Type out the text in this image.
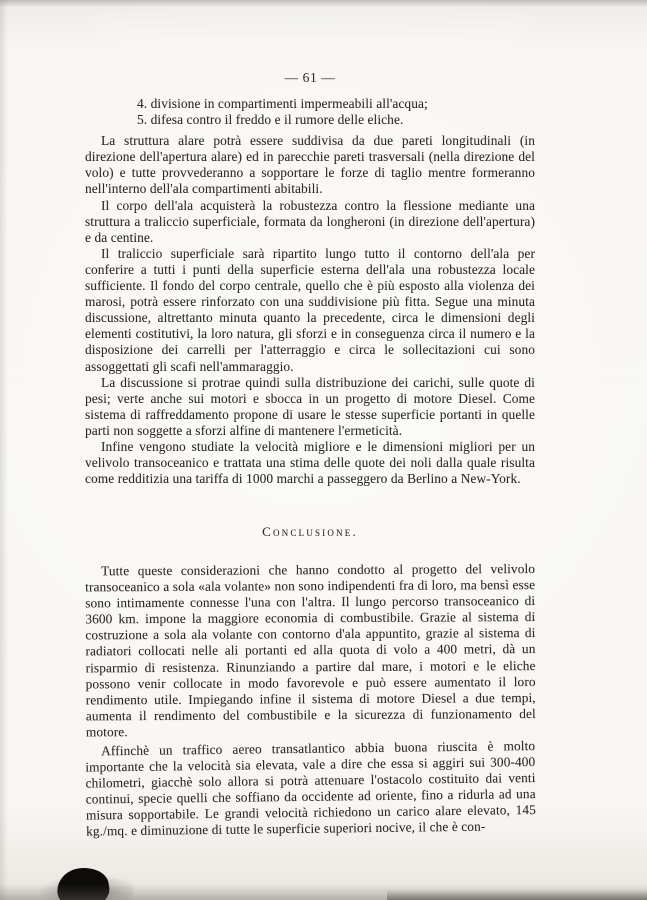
— 61 —

4. divisione in compartimenti impermeabili all'acqua;

5. difesa contro il freddo e il rumore delle eliche.

La struttura alare potrà essere suddivisa da due pareti longitudinali (in direzione dell'apertura alare) ed in parecchie pareti trasversali (nella direzione del volo) e tutte provvederanno a sopportare le forze di taglio mentre formeranno nell'interno dell'ala compartimenti abitabili.

Il corpo dell'ala acquisterà la robustezza contro la flessione mediante una struttura a traliccio superficiale, formata da longheroni (in direzione dell'apertura) e da centine.

Il traliccio superficiale sarà ripartito lungo tutto il contorno dell'ala per conferire a tutti i punti della superficie esterna dell'ala una robustezza locale sufficiente. Il fondo del corpo centrale, quello che è più esposto alla violenza dei marosi, potrà essere rinforzato con una suddivisione più fitta. Segue una minuta discussione, altrettanto minuta quanto la precedente, circa le dimensioni degli elementi costitutivi, la loro natura, gli sforzi e in conseguenza circa il numero e la disposizione dei carrelli per l'atterraggio e circa le sollecitazioni cui sono assoggettati gli scafi nell'ammaraggio.

La discussione si protrae quindi sulla distribuzione dei carichi, sulle quote di pesi; verte anche sui motori e sbocca in un progetto di motore Diesel. Come sistema di raffreddamento propone di usare le stesse superficie portanti in quelle parti non soggette a sforzi alfine di mantenere l'ermeticità.

Infine vengono studiate la velocità migliore e le dimensioni migliori per un velivolo transoceanico e trattata una stima delle quote dei noli dalla quale risulta come redditizia una tariffa di 1000 marchi a passeggero da Berlino a New-York.

Conclusione.

Tutte queste considerazioni che hanno condotto al progetto del velivolo transoceanico a sola «ala volante» non sono indipendenti fra di loro, ma bensì esse sono intimamente connesse l'una con l'altra. Il lungo percorso transoceanico di 3600 km. impone la maggiore economia di combustibile. Grazie al sistema di costruzione a sola ala volante con contorno d'ala appuntito, grazie al sistema di radiatori collocati nelle ali portanti ed alla quota di volo a 400 metri, dà un risparmio di resistenza. Rinunziando a partire dal mare, i motori e le eliche possono venir collocate in modo favorevole e può essere aumentato il loro rendimento utile. Impiegando infine il sistema di motore Diesel a due tempi, aumenta il rendimento del combustibile e la sicurezza di funzionamento del motore.

Affinchè un traffico aereo transatlantico abbia buona riuscita è molto importante che la velocità sia elevata, vale a dire che essa si aggiri sui 300-400 chilometri, giacchè solo allora si potrà attenuare l'ostacolo costituito dai venti continui, specie quelli che soffiano da occidente ad oriente, fino a ridurla ad una misura sopportabile. Le grandi velocità richiedono un carico alare elevato, 145 kg./mq. e diminuzione di tutte le superficie superiori nocive, il che è con-
